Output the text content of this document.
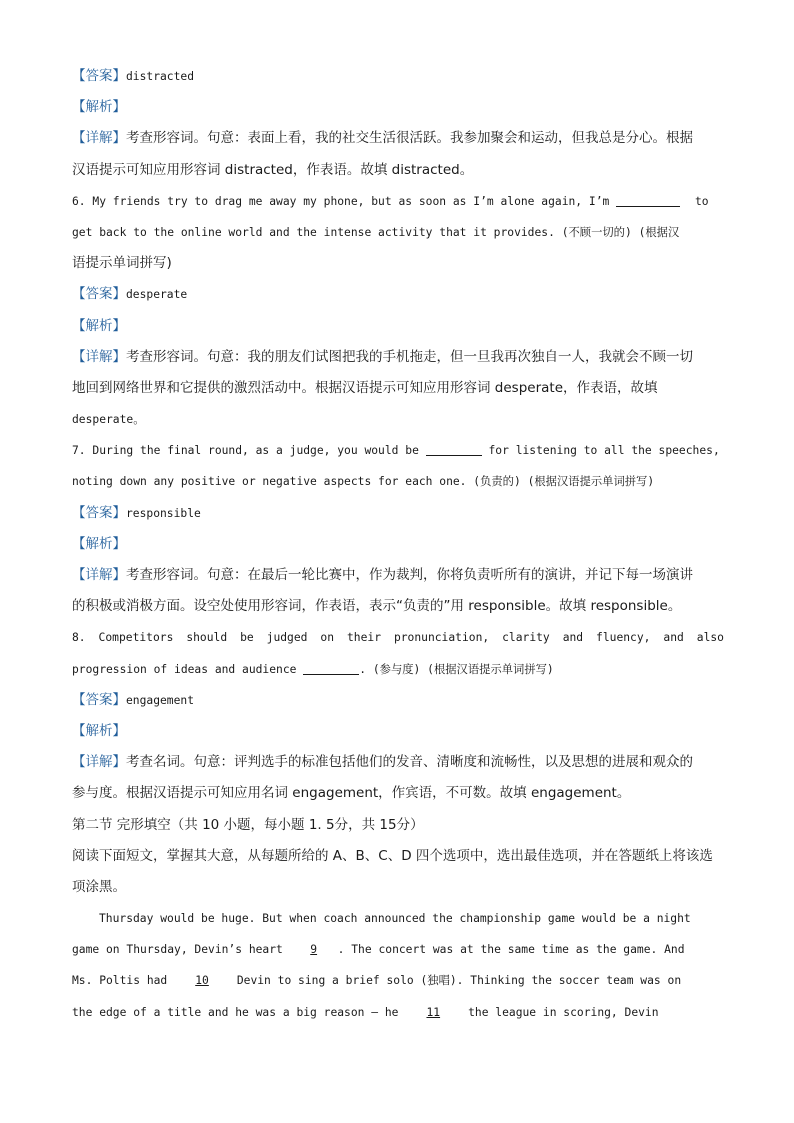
【答案】distracted
【解析】
【详解】考查形容词。句意：表面上看，我的社交生活很活跃。我参加聚会和运动，但我总是分心。根据
汉语提示可知应用形容词 distracted，作表语。故填 distracted。
6. My friends try to drag me away my phone, but as soon as I’m alone again, I’m	to
get back to the online world and the intense activity that it provides. (不顾一切的) (根据汉
语提示单词拼写)
【答案】desperate
【解析】
【详解】考查形容词。句意：我的朋友们试图把我的手机拖走，但一旦我再次独自一人，我就会不顾一切
地回到网络世界和它提供的激烈活动中。根据汉语提示可知应用形容词 desperate，作表语，故填
desperate。
7. During the final round, as a judge, you would be	for listening to all the speeches,
noting down any positive or negative aspects for each one. (负责的) (根据汉语提示单词拼写)
【答案】responsible
【解析】
【详解】考查形容词。句意：在最后一轮比赛中，作为裁判，你将负责听所有的演讲，并记下每一场演讲
的积极或消极方面。设空处使用形容词，作表语，表示“负责的”用 responsible。故填 responsible。
8. Competitors should be judged on their pronunciation, clarity and fluency, and also
progression of ideas and audience	. (参与度) (根据汉语提示单词拼写)
【答案】engagement
【解析】
【详解】考查名词。句意：评判选手的标准包括他们的发音、清晰度和流畅性，以及思想的进展和观众的
参与度。根据汉语提示可知应用名词 engagement，作宾语，不可数。故填 engagement。
第二节 完形填空（共 10 小题，每小题 1. 5分，共 15分）
阅读下面短文，掌握其大意，从每题所给的 A、B、C、D 四个选项中，选出最佳选项，并在答题纸上将该选
项涂黑。
Thursday would be huge. But when coach announced the championship game would be a night
game on Thursday, Devin’s heart 9 . The concert was at the same time as the game. And
Ms. Poltis had 10 Devin to sing a brief solo (独唱). Thinking the soccer team was on
the edge of a title and he was a big reason — he 11 the league in scoring, Devin
